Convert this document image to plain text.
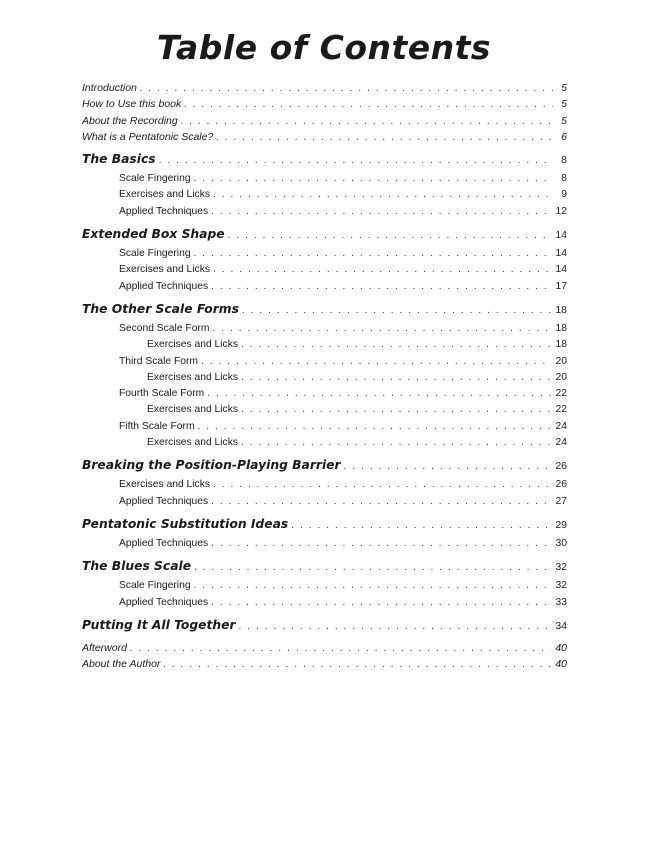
Table of Contents
Introduction . . .	5
How to Use this book . . .	5
About the Recording . . .	5
What is a Pentatonic Scale? . . .	6
The Basics . . .	8
Scale Fingering . . .	8
Exercises and Licks . . .	9
Applied Techniques . . .	12
Extended Box Shape . . .	14
Scale Fingering . . .	14
Exercises and Licks . . .	14
Applied Techniques . . .	17
The Other Scale Forms . . .	18
Second Scale Form . . .	18
Exercises and Licks . . .	18
Third Scale Form . . .	20
Exercises and Licks . . .	20
Fourth Scale Form . . .	22
Exercises and Licks . . .	22
Fifth Scale Form . . .	24
Exercises and Licks . . .	24
Breaking the Position-Playing Barrier . . .	26
Exercises and Licks . . .	26
Applied Techniques . . .	27
Pentatonic Substitution Ideas . . .	29
Applied Techniques . . .	30
The Blues Scale . . .	32
Scale Fingering . . .	32
Applied Techniques . . .	33
Putting It All Together . . .	34
Afterword . . .	40
About the Author . . .	40
